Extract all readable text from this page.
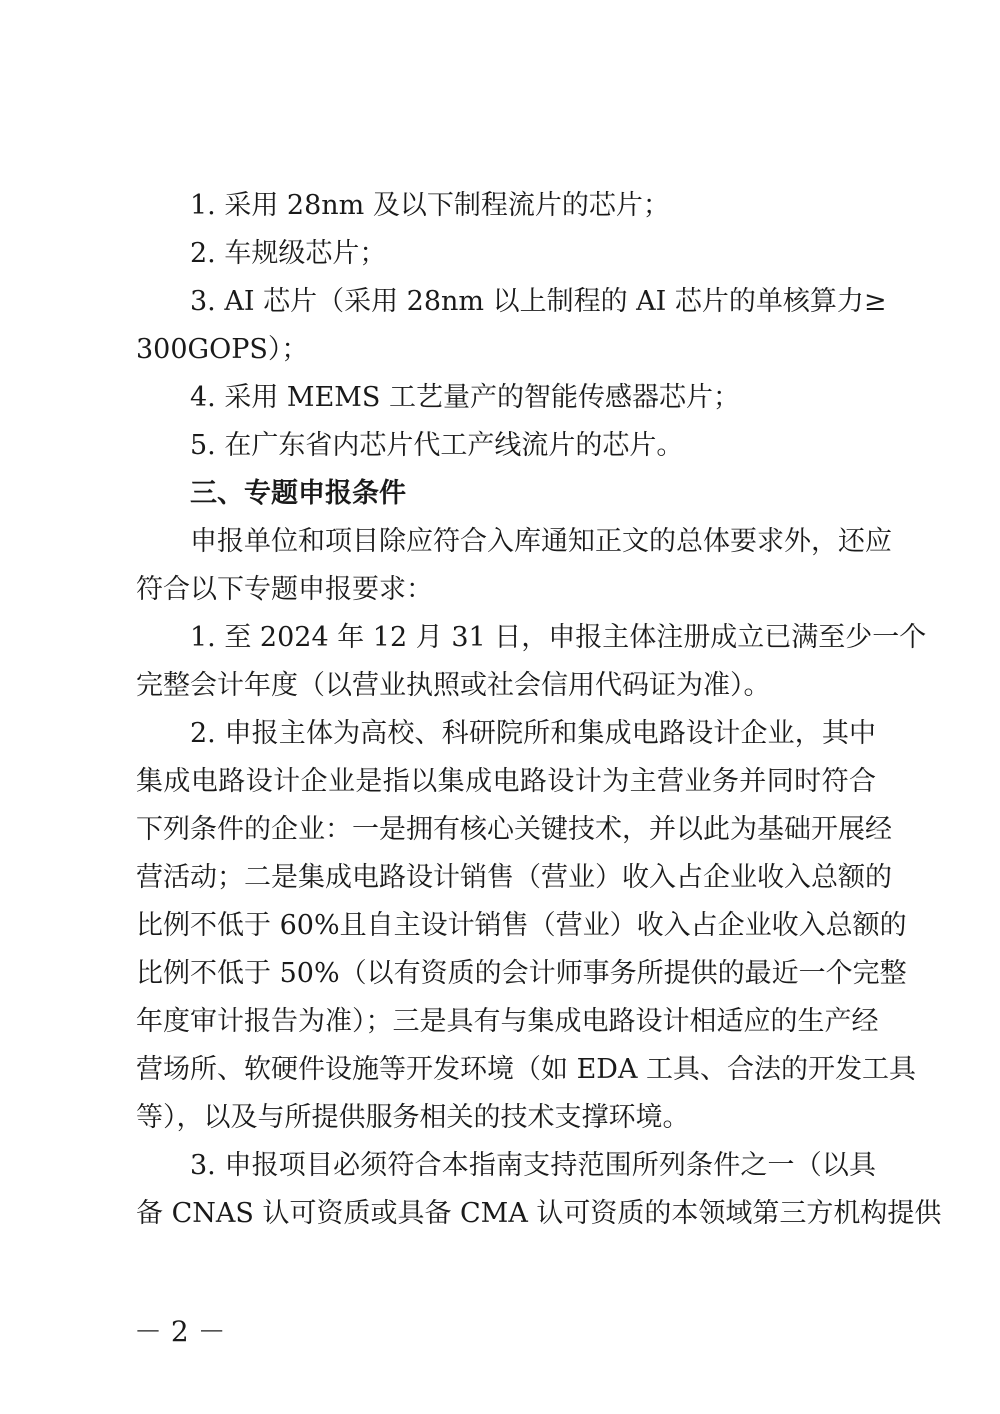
1. 采用 28nm 及以下制程流片的芯片；
2. 车规级芯片；
3. AI 芯片（采用 28nm 以上制程的 AI 芯片的单核算力≥
300GOPS）；
4. 采用 MEMS 工艺量产的智能传感器芯片；
5. 在广东省内芯片代工产线流片的芯片。
三、专题申报条件
申报单位和项目除应符合入库通知正文的总体要求外，还应
符合以下专题申报要求：
1. 至 2024 年 12 月 31 日，申报主体注册成立已满至少一个
完整会计年度（以营业执照或社会信用代码证为准）。
2. 申报主体为高校、科研院所和集成电路设计企业，其中
集成电路设计企业是指以集成电路设计为主营业务并同时符合
下列条件的企业：一是拥有核心关键技术，并以此为基础开展经
营活动；二是集成电路设计销售（营业）收入占企业收入总额的
比例不低于 60%且自主设计销售（营业）收入占企业收入总额的
比例不低于 50%（以有资质的会计师事务所提供的最近一个完整
年度审计报告为准）；三是具有与集成电路设计相适应的生产经
营场所、软硬件设施等开发环境（如 EDA 工具、合法的开发工具
等），以及与所提供服务相关的技术支撑环境。
3. 申报项目必须符合本指南支持范围所列条件之一（以具
备 CNAS 认可资质或具备 CMA 认可资质的本领域第三方机构提供
－ 2 －
